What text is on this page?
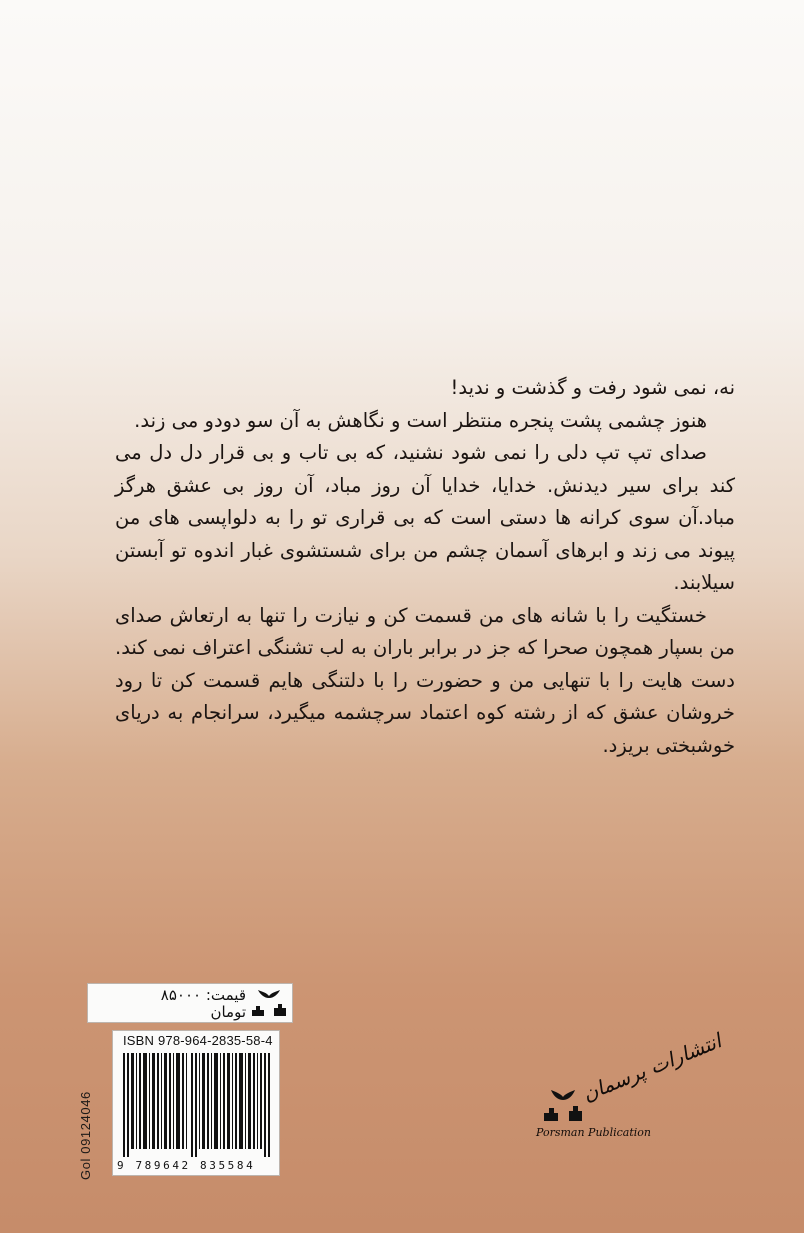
نه، نمی شود رفت و گذشت و ندید!

هنوز چشمی پشت پنجره منتظر است و نگاهش به آن سو دودو می زند.

صدای تپ تپ دلی را نمی شود نشنید، که بی تاب و بی قرار دل دل می کند برای سیر دیدنش. خدایا، خدایا آن روز مباد، آن روز بی عشق هرگز مباد.آن سوی کرانه ها دستی است که بی قراری تو را به دلواپسی های من پیوند می زند و ابرهای آسمان چشم من برای شستشوی غبار اندوه تو آبستن سیلابند.

خستگیت را با شانه های من قسمت کن و نیازت را تنها به ارتعاش صدای من بسپار همچون صحرا که جز در برابر باران به لب تشنگی اعتراف نمی کند. دست هایت را با تنهایی من و حضورت را با دلتنگی هایم قسمت کن تا رود خروشان عشق که از رشته کوه اعتماد سرچشمه میگیرد، سرانجام به دریای خوشبختی بریزد.

قیمت: ۸۵۰۰۰
تومان
ISBN 978-964-2835-58-4
9 789642 835584
Gol 09124046
انتشارات پرسمان
Porsman Publication
